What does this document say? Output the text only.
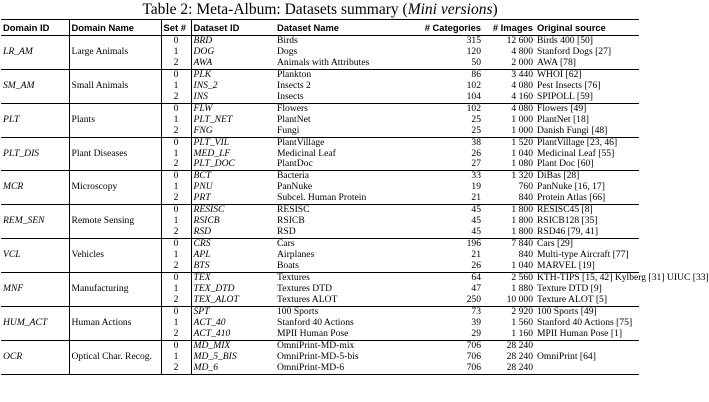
Table 2: Meta-Album: Datasets summary (Mini versions)
Domain ID	Domain Name	Set #	Dataset ID	Dataset Name	# Categories	# Images	Original source
		0	BRD	Birds	315	12 600	Birds 400 [50]
LR_AM	Large Animals	1	DOG	Dogs	120	4 800	Stanford Dogs [27]
		2	AWA	Animals with Attributes	50	2 000	AWA [78]
		0	PLK	Plankton	86	3 440	WHOI [62]
SM_AM	Small Animals	1	INS_2	Insects 2	102	4 080	Pest Insects [76]
		2	INS	Insects	104	4 160	SPIPOLL [59]
		0	FLW	Flowers	102	4 080	Flowers [49]
PLT	Plants	1	PLT_NET	PlantNet	25	1 000	PlantNet [18]
		2	FNG	Fungi	25	1 000	Danish Fungi [48]
		0	PLT_VIL	PlantVillage	38	1 520	PlantVillage [23, 46]
PLT_DIS	Plant Diseases	1	MED_LF	Medicinal Leaf	26	1 040	Medicinal Leaf [55]
		2	PLT_DOC	PlantDoc	27	1 080	Plant Doc [60]
		0	BCT	Bacteria	33	1 320	DiBas [28]
MCR	Microscopy	1	PNU	PanNuke	19	760	PanNuke [16, 17]
		2	PRT	Subcel. Human Protein	21	840	Protein Atlas [66]
		0	RESISC	RESISC	45	1 800	RESISC45 [8]
REM_SEN	Remote Sensing	1	RSICB	RSICB	45	1 800	RSICB128 [35]
		2	RSD	RSD	45	1 800	RSD46 [79, 41]
		0	CRS	Cars	196	7 840	Cars [29]
VCL	Vehicles	1	APL	Airplanes	21	840	Multi-type Aircraft [77]
		2	BTS	Boats	26	1 040	MARVEL [19]
		0	TEX	Textures	64	2 560	KTH-TIPS [15, 42] Kylberg [31] UIUC [33]
MNF	Manufacturing	1	TEX_DTD	Textures DTD	47	1 880	Texture DTD [9]
		2	TEX_ALOT	Textures ALOT	250	10 000	Texture ALOT [5]
		0	SPT	100 Sports	73	2 920	100 Sports [49]
HUM_ACT	Human Actions	1	ACT_40	Stanford 40 Actions	39	1 560	Stanford 40 Actions [75]
		2	ACT_410	MPII Human Pose	29	1 160	MPII Human Pose [1]
		0	MD_MIX	OmniPrint-MD-mix	706	28 240	
OCR	Optical Char. Recog.	1	MD_5_BIS	OmniPrint-MD-5-bis	706	28 240	OmniPrint [64]
		2	MD_6	OmniPrint-MD-6	706	28 240	
